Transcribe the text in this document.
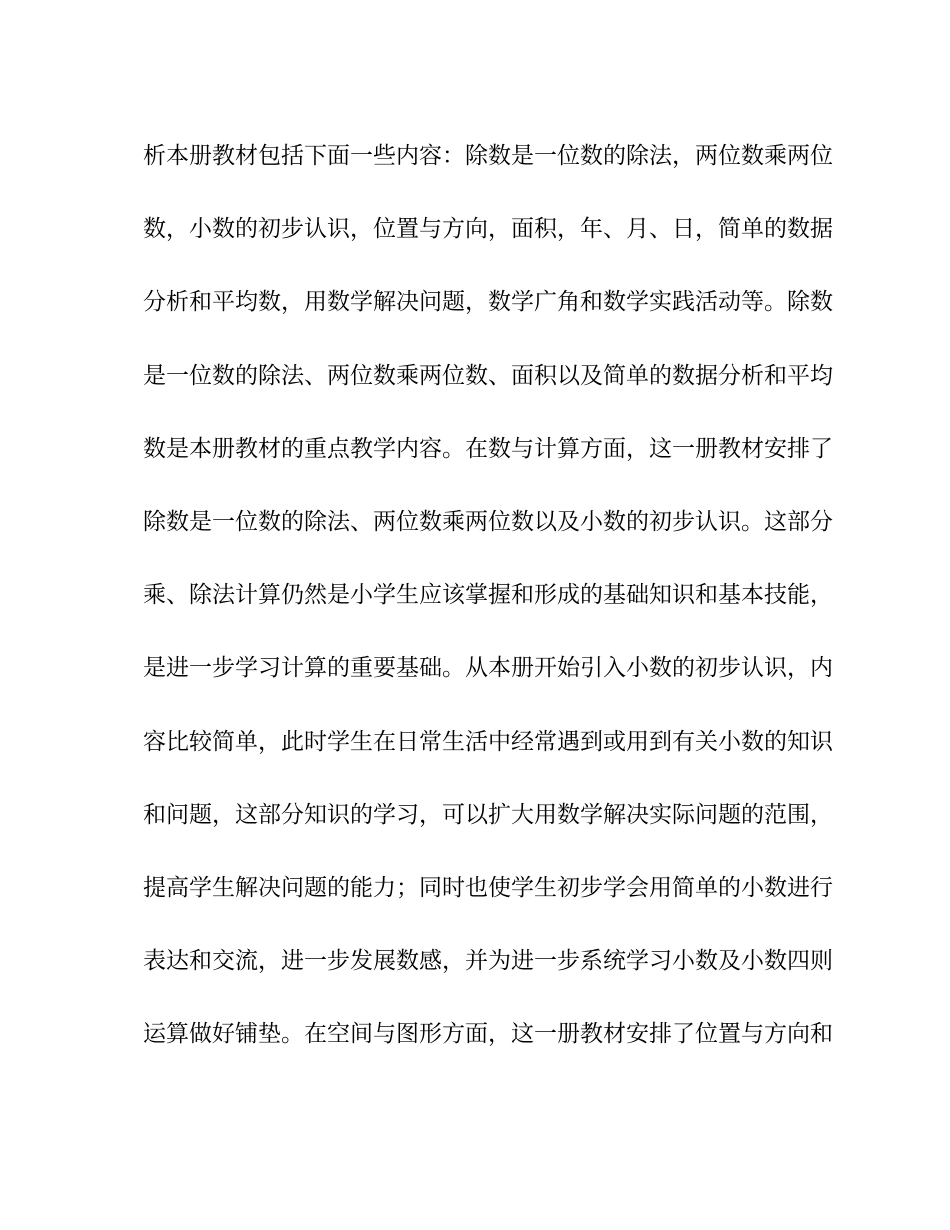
析本册教材包括下面一些内容：除数是一位数的除法，两位数乘两位
数，小数的初步认识，位置与方向，面积，年、月、日，简单的数据
分析和平均数，用数学解决问题，数学广角和数学实践活动等。除数
是一位数的除法、两位数乘两位数、面积以及简单的数据分析和平均
数是本册教材的重点教学内容。在数与计算方面，这一册教材安排了
除数是一位数的除法、两位数乘两位数以及小数的初步认识。这部分
乘、除法计算仍然是小学生应该掌握和形成的基础知识和基本技能，
是进一步学习计算的重要基础。从本册开始引入小数的初步认识，内
容比较简单，此时学生在日常生活中经常遇到或用到有关小数的知识
和问题，这部分知识的学习，可以扩大用数学解决实际问题的范围，
提高学生解决问题的能力；同时也使学生初步学会用简单的小数进行
表达和交流，进一步发展数感，并为进一步系统学习小数及小数四则
运算做好铺垫。在空间与图形方面，这一册教材安排了位置与方向和
